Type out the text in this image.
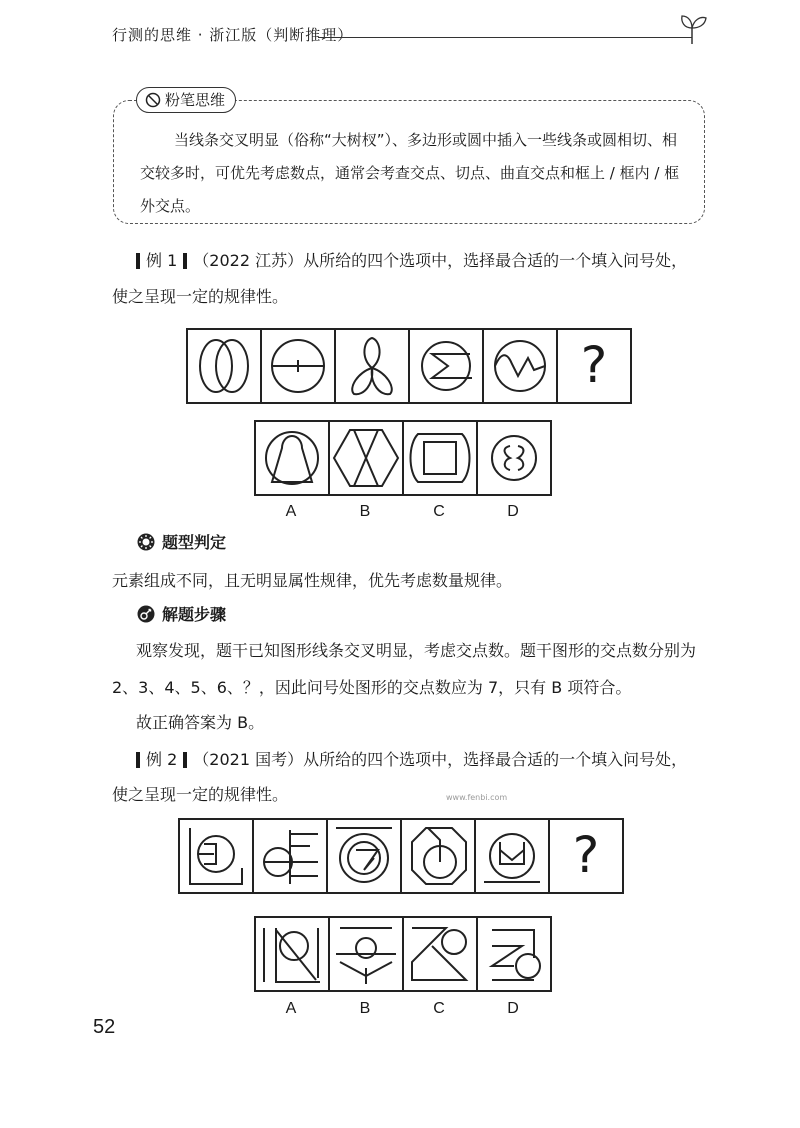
行测的思维 · 浙江版（判断推理）
粉笔思维
当线条交叉明显（俗称“大树杈”）、多边形或圆中插入一些线条或圆相切、相交较多时，可优先考虑数点，通常会考查交点、切点、曲直交点和框上 / 框内 / 框外交点。
例 1 （2022 江苏） 从所给的四个选项中，选择最合适的一个填入问号处，
使之呈现一定的规律性。
?
A	B	C	D
题型判定
元素组成不同，且无明显属性规律，优先考虑数量规律。
解题步骤
观察发现，题干已知图形线条交叉明显，考虑交点数。题干图形的交点数分别为
2、3、4、5、6、？，因此问号处图形的交点数应为 7，只有 B 项符合。
故正确答案为 B。
例 2 （2021 国考） 从所给的四个选项中，选择最合适的一个填入问号处，
使之呈现一定的规律性。	www.fenbi.com
?
A	B	C	D
52
